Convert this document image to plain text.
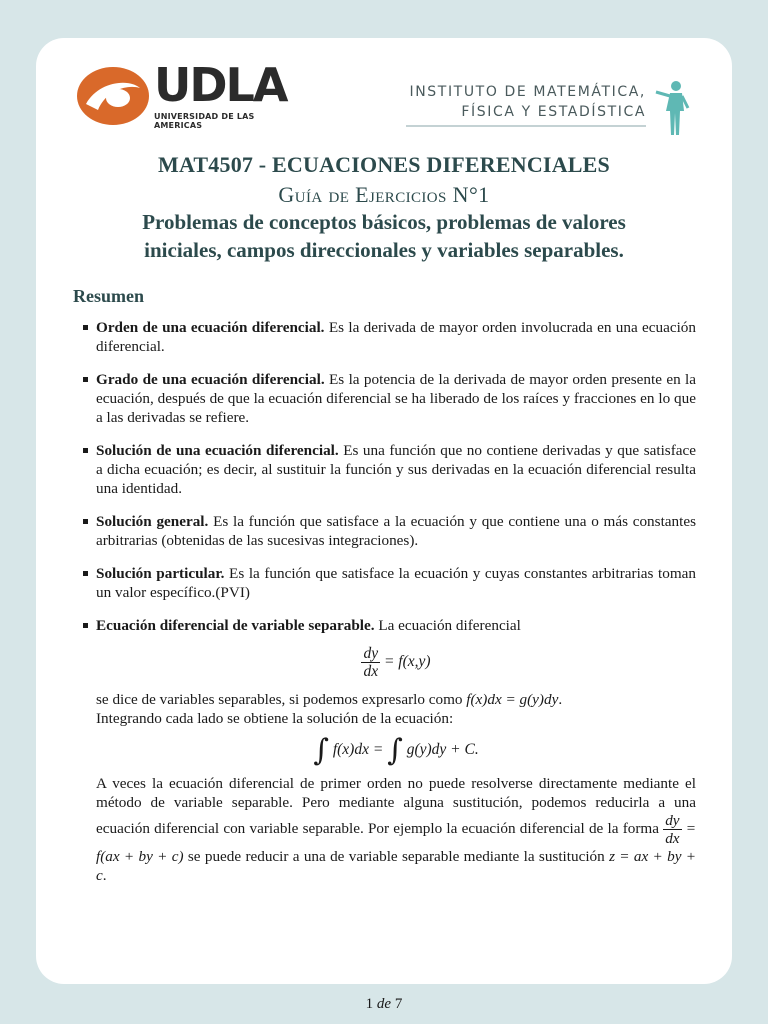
UDLA
UNIVERSIDAD DE LAS AMERICAS
INSTITUTO DE MATEMÁTICA,
FÍSICA Y ESTADÍSTICA
MAT4507 - ECUACIONES DIFERENCIALES
Guía de Ejercicios N°1
Problemas de conceptos básicos, problemas de valores
iniciales, campos direccionales y variables separables.
Resumen
Orden de una ecuación diferencial. Es la derivada de mayor orden involucrada en una ecuación diferencial.
Grado de una ecuación diferencial. Es la potencia de la derivada de mayor orden presente en la ecuación, después de que la ecuación diferencial se ha liberado de los raíces y fracciones en lo que a las derivadas se refiere.
Solución de una ecuación diferencial. Es una función que no contiene derivadas y que satisface a dicha ecuación; es decir, al sustituir la función y sus derivadas en la ecuación diferencial resulta una identidad.
Solución general. Es la función que satisface a la ecuación y que contiene una o más constantes arbitrarias (obtenidas de las sucesivas integraciones).
Solución particular. Es la función que satisface la ecuación y cuyas constantes arbitrarias toman un valor específico.(PVI)
Ecuación diferencial de variable separable. La ecuación diferencial
$\frac{dy}{dx} = f(x,y)$
se dice de variables separables, si podemos expresarlo como f(x)dx = g(y)dy.
Integrando cada lado se obtiene la solución de la ecuación:
∫ f(x)dx = ∫ g(y)dy + C.
A veces la ecuación diferencial de primer orden no puede resolverse directamente mediante el método de variable separable. Pero mediante alguna sustitución, podemos reducirla a una ecuación diferencial con variable separable. Por ejemplo la ecuación diferencial de la forma $\frac{dy}{dx} = f(ax$ + by + c) se puede reducir a una de variable separable mediante la sustitución z = ax + by + c.
1 de 7
